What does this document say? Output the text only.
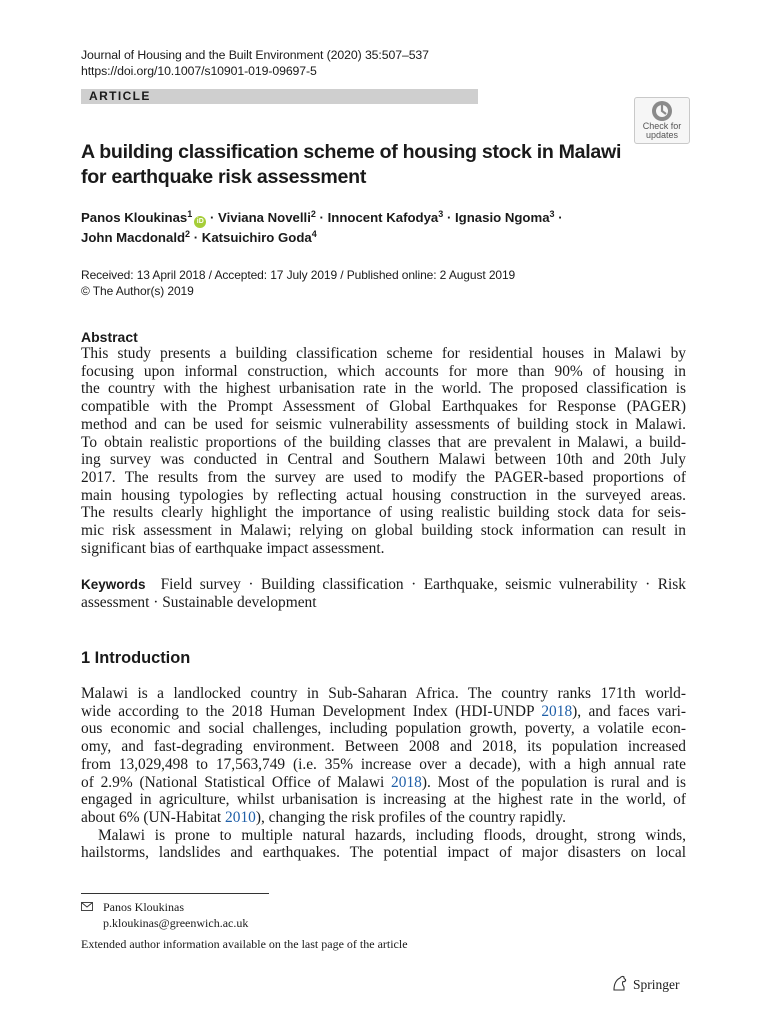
Journal of Housing and the Built Environment (2020) 35:507–537
https://doi.org/10.1007/s10901-019-09697-5
ARTICLE
Check for
updates
A building classification scheme of housing stock in Malawi
for earthquake risk assessment
Panos Kloukinas$^1$iD · Viviana Novelli$^2$ · Innocent Kafodya$^3$ · Ignasio Ngoma$^3$ ·
John Macdonald$^2$ · Katsuichiro Goda$^4$
Received: 13 April 2018 / Accepted: 17 July 2019 / Published online: 2 August 2019
© The Author(s) 2019
Abstract
This study presents a building classification scheme for residential houses in Malawi by
focusing upon informal construction, which accounts for more than 90% of housing in
the country with the highest urbanisation rate in the world. The proposed classification is
compatible with the Prompt Assessment of Global Earthquakes for Response (PAGER)
method and can be used for seismic vulnerability assessments of building stock in Malawi.
To obtain realistic proportions of the building classes that are prevalent in Malawi, a build-
ing survey was conducted in Central and Southern Malawi between 10th and 20th July
2017. The results from the survey are used to modify the PAGER-based proportions of
main housing typologies by reflecting actual housing construction in the surveyed areas.
The results clearly highlight the importance of using realistic building stock data for seis-
mic risk assessment in Malawi; relying on global building stock information can result in
significant bias of earthquake impact assessment.
Keywords Field survey · Building classification · Earthquake, seismic vulnerability · Risk
assessment · Sustainable development
1 Introduction
Malawi is a landlocked country in Sub-Saharan Africa. The country ranks 171th world-
wide according to the 2018 Human Development Index (HDI-UNDP 2018), and faces vari-
ous economic and social challenges, including population growth, poverty, a volatile econ-
omy, and fast-degrading environment. Between 2008 and 2018, its population increased
from 13,029,498 to 17,563,749 (i.e. 35% increase over a decade), with a high annual rate
of 2.9% (National Statistical Office of Malawi 2018). Most of the population is rural and is
engaged in agriculture, whilst urbanisation is increasing at the highest rate in the world, of
about 6% (UN-Habitat 2010), changing the risk profiles of the country rapidly.
Malawi is prone to multiple natural hazards, including floods, drought, strong winds,
hailstorms, landslides and earthquakes. The potential impact of major disasters on local
Panos Kloukinas
p.kloukinas@greenwich.ac.uk
Extended author information available on the last page of the article
Springer
